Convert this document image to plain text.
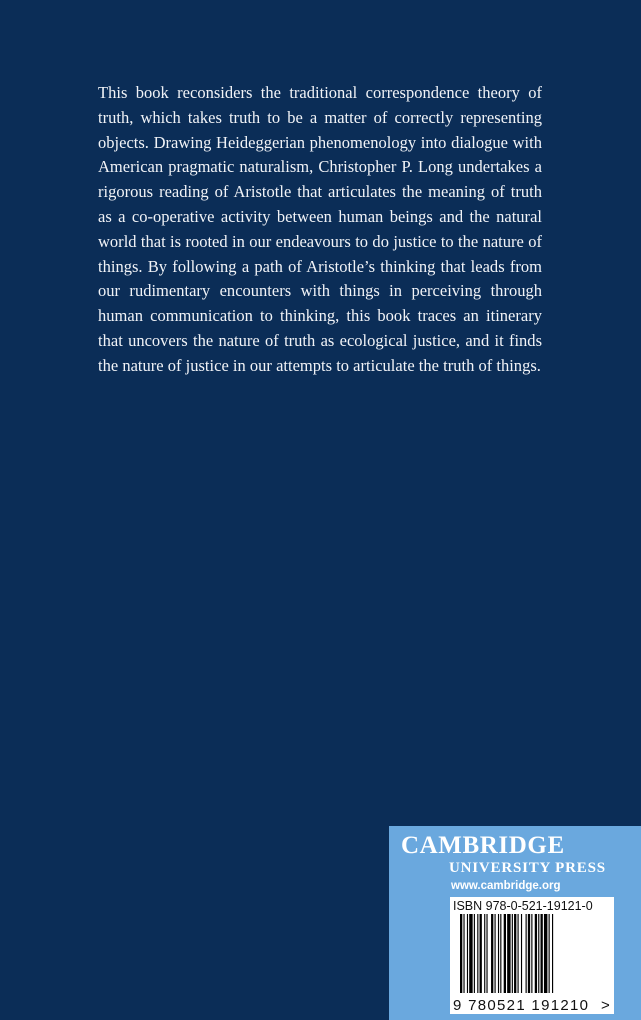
This book reconsiders the traditional correspondence theory of truth, which takes truth to be a matter of correctly representing objects. Drawing Heideggerian phenomenology into dialogue with American pragmatic naturalism, Christopher P. Long undertakes a rigorous reading of Aristotle that articulates the meaning of truth as a co-operative activity between human beings and the natural world that is rooted in our endeavours to do justice to the nature of things. By following a path of Aristotle’s thinking that leads from our rudimentary encounters with things in perceiving through human communication to thinking, this book traces an itinerary that uncovers the nature of truth as ecological justice, and it finds the nature of justice in our attempts to articulate the truth of things.

CAMBRIDGE

UNIVERSITY PRESS

www.cambridge.org

ISBN 978-0-521-19121-0

9 780521 191210 >
